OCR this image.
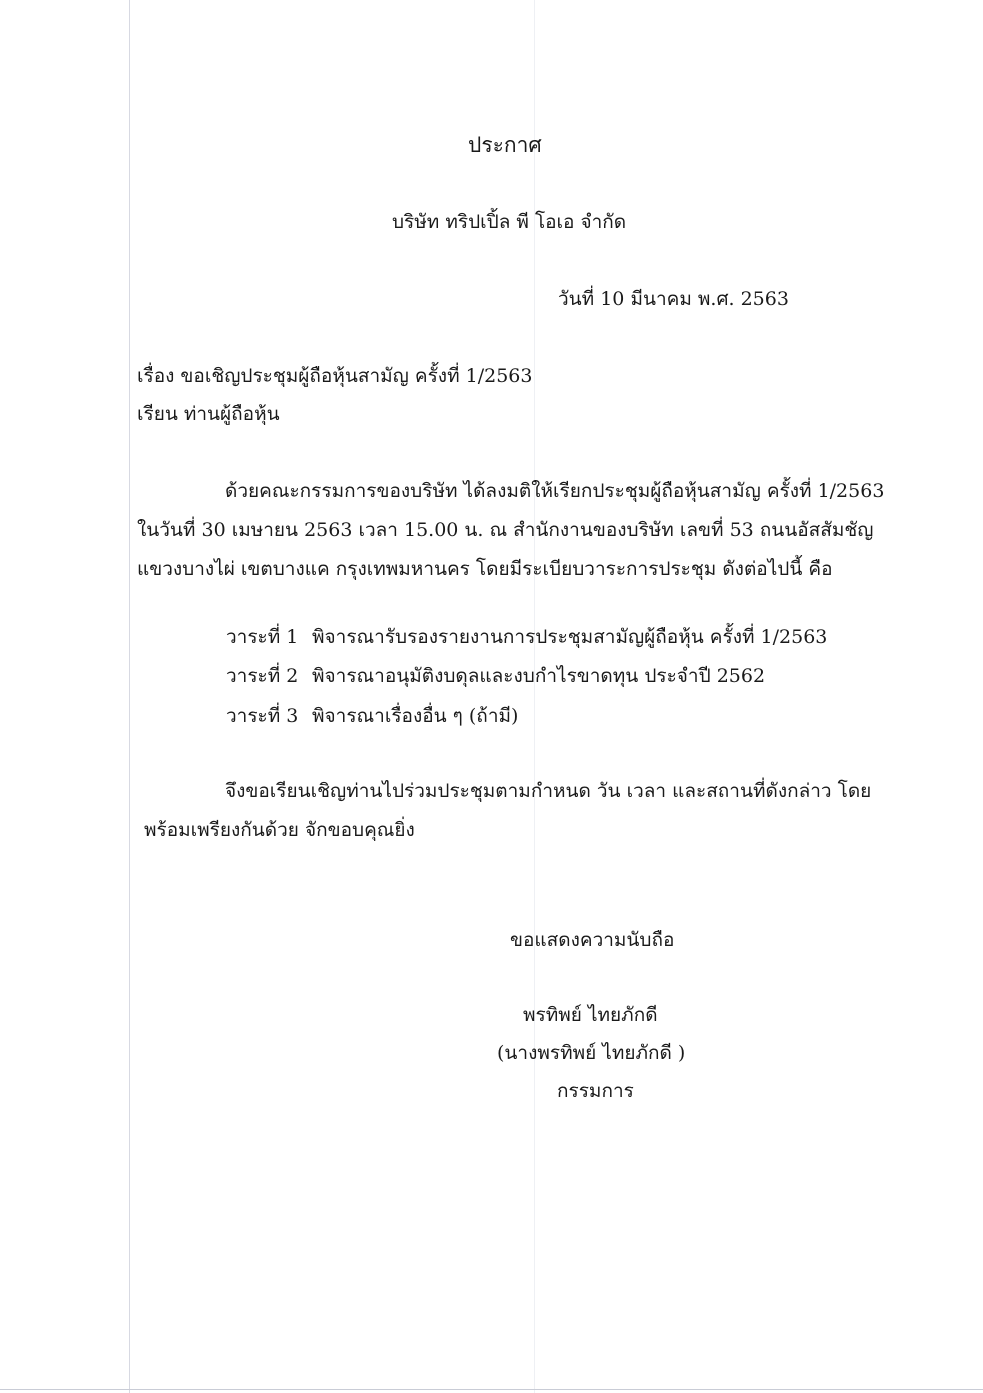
ประกาศ
บริษัท ทริปเปิ้ล พี โอเอ จำกัด
วันที่ 10 มีนาคม พ.ศ. 2563
เรื่อง ขอเชิญประชุมผู้ถือหุ้นสามัญ ครั้งที่ 1/2563
เรียน ท่านผู้ถือหุ้น
ด้วยคณะกรรมการของบริษัท ได้ลงมติให้เรียกประชุมผู้ถือหุ้นสามัญ ครั้งที่ 1/2563
ในวันที่ 30 เมษายน 2563 เวลา 15.00 น. ณ สำนักงานของบริษัท เลขที่ 53 ถนนอัสสัมชัญ
แขวงบางไผ่ เขตบางแค กรุงเทพมหานคร โดยมีระเบียบวาระการประชุม ดังต่อไปนี้ คือ
วาระที่ 1 พิจารณารับรองรายงานการประชุมสามัญผู้ถือหุ้น ครั้งที่ 1/2563
วาระที่ 2 พิจารณาอนุมัติงบดุลและงบกำไรขาดทุน ประจำปี 2562
วาระที่ 3 พิจารณาเรื่องอื่น ๆ (ถ้ามี)
จึงขอเรียนเชิญท่านไปร่วมประชุมตามกำหนด วัน เวลา และสถานที่ดังกล่าว โดย
พร้อมเพรียงกันด้วย จักขอบคุณยิ่ง
ขอแสดงความนับถือ
พรทิพย์ ไทยภักดี
(นางพรทิพย์ ไทยภักดี )
กรรมการ
